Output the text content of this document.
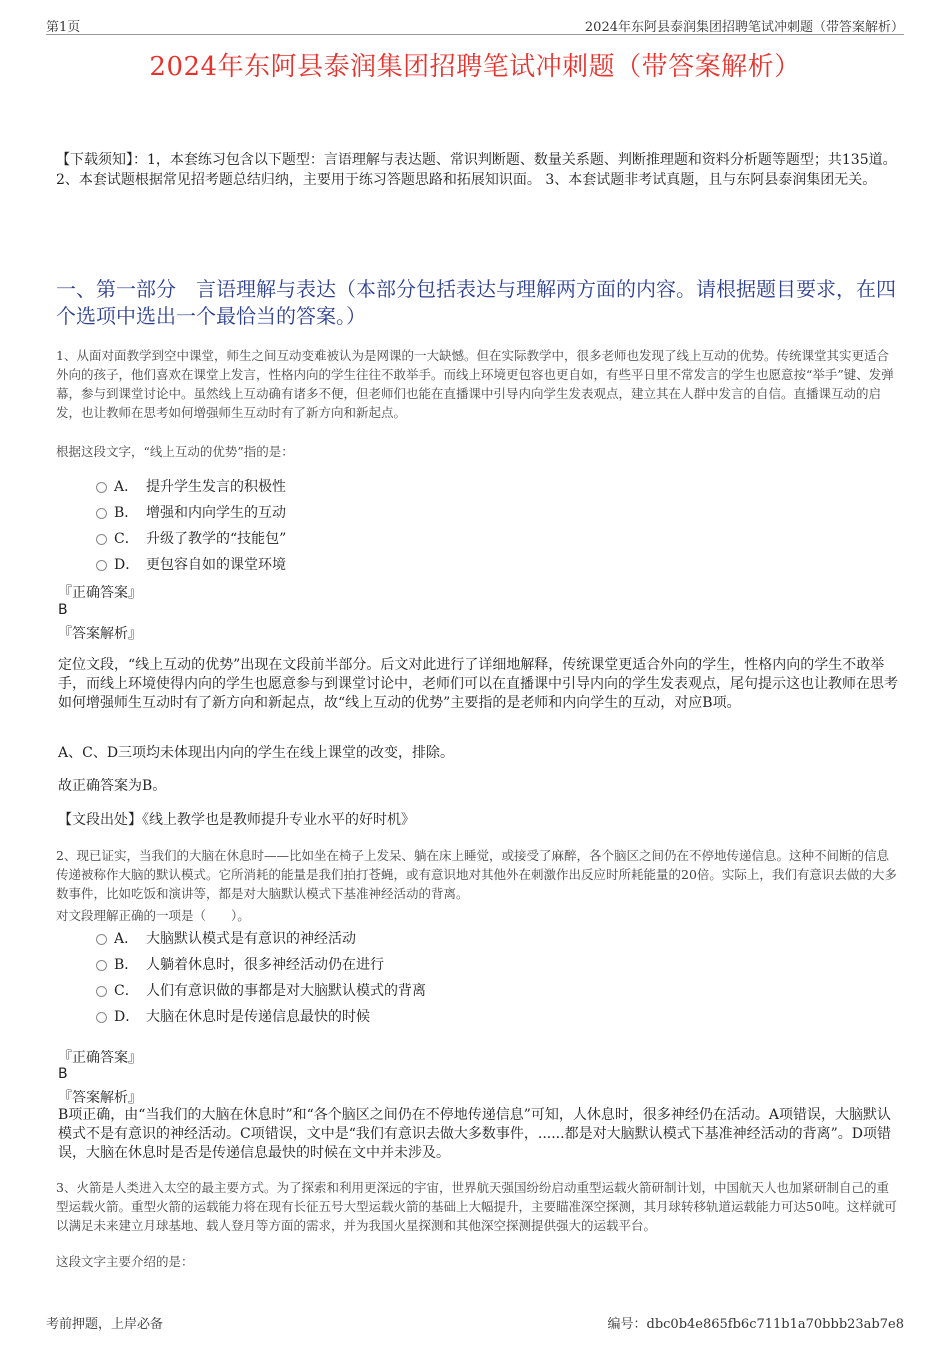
第1页	2024年东阿县泰润集团招聘笔试冲刺题（带答案解析）
2024年东阿县泰润集团招聘笔试冲刺题（带答案解析）
【下载须知】：1，本套练习包含以下题型：言语理解与表达题、常识判断题、数量关系题、判断推理题和资料分析题等题型；共135道。 2、本套试题根据常见招考题总结归纳，主要用于练习答题思路和拓展知识面。 3、本套试题非考试真题，且与东阿县泰润集团无关。
一、第一部分　言语理解与表达（本部分包括表达与理解两方面的内容。请根据题目要求，在四个选项中选出一个最恰当的答案。）
1、从面对面教学到空中课堂，师生之间互动变难被认为是网课的一大缺憾。但在实际教学中，很多老师也发现了线上互动的优势。传统课堂其实更适合外向的孩子，他们喜欢在课堂上发言，性格内向的学生往往不敢举手。而线上环境更包容也更自如，有些平日里不常发言的学生也愿意按“举手”键、发弹幕，参与到课堂讨论中。虽然线上互动确有诸多不便，但老师们也能在直播课中引导内向学生发表观点，建立其在人群中发言的自信。直播课互动的启发，也让教师在思考如何增强师生互动时有了新方向和新起点。
根据这段文字，“线上互动的优势”指的是：
A． 提升学生发言的积极性
B． 增强和内向学生的互动
C． 升级了教学的“技能包”
D． 更包容自如的课堂环境
『正确答案』
B
『答案解析』
定位文段，“线上互动的优势”出现在文段前半部分。后文对此进行了详细地解释，传统课堂更适合外向的学生，性格内向的学生不敢举手，而线上环境使得内向的学生也愿意参与到课堂讨论中，老师们可以在直播课中引导内向的学生发表观点，尾句提示这也让教师在思考如何增强师生互动时有了新方向和新起点，故“线上互动的优势”主要指的是老师和内向学生的互动，对应B项。
A、C、D三项均未体现出内向的学生在线上课堂的改变，排除。
故正确答案为B。
【文段出处】《线上教学也是教师提升专业水平的好时机》
2、现已证实，当我们的大脑在休息时——比如坐在椅子上发呆、躺在床上睡觉，或接受了麻醉，各个脑区之间仍在不停地传递信息。这种不间断的信息传递被称作大脑的默认模式。它所消耗的能量是我们拍打苍蝇，或有意识地对其他外在刺激作出反应时所耗能量的20倍。实际上，我们有意识去做的大多数事件，比如吃饭和演讲等，都是对大脑默认模式下基准神经活动的背离。
对文段理解正确的一项是（　　）。
A． 大脑默认模式是有意识的神经活动
B． 人躺着休息时，很多神经活动仍在进行
C． 人们有意识做的事都是对大脑默认模式的背离
D． 大脑在休息时是传递信息最快的时候
『正确答案』
B
『答案解析』
B项正确，由“当我们的大脑在休息时”和“各个脑区之间仍在不停地传递信息”可知，人休息时，很多神经仍在活动。A项错误，大脑默认模式不是有意识的神经活动。C项错误，文中是“我们有意识去做大多数事件，......都是对大脑默认模式下基准神经活动的背离”。D项错误，大脑在休息时是否是传递信息最快的时候在文中并未涉及。
3、火箭是人类进入太空的最主要方式。为了探索和利用更深远的宇宙，世界航天强国纷纷启动重型运载火箭研制计划，中国航天人也加紧研制自己的重型运载火箭。重型火箭的运载能力将在现有长征五号大型运载火箭的基础上大幅提升，主要瞄准深空探测，其月球转移轨道运载能力可达50吨。这样就可以满足未来建立月球基地、载人登月等方面的需求，并为我国火星探测和其他深空探测提供强大的运载平台。
这段文字主要介绍的是：
考前押题，上岸必备	编号：dbc0b4e865fb6c711b1a70bbb23ab7e8
